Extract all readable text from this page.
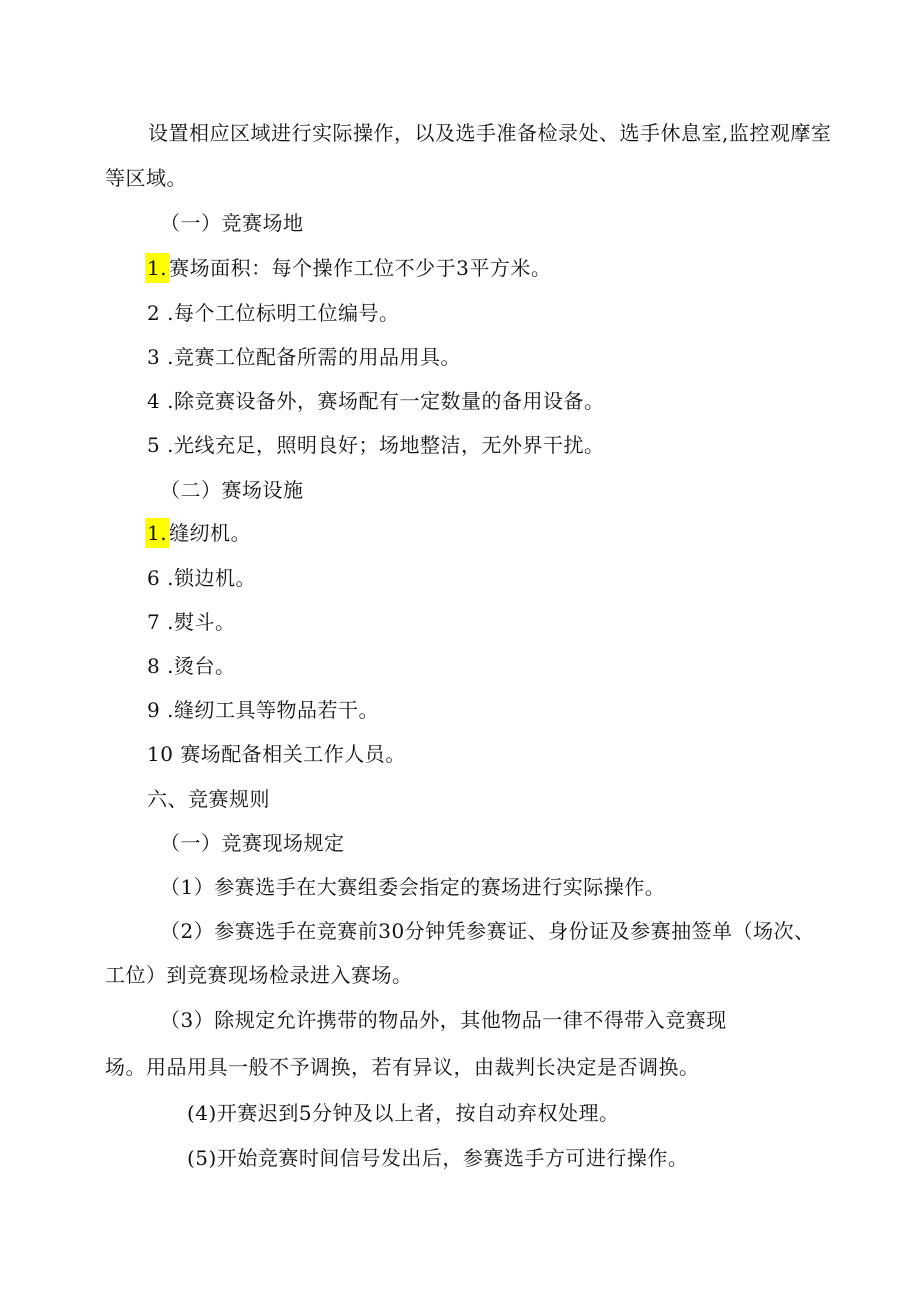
设置相应区域进行实际操作，以及选手准备检录处、选手休息室,监控观摩室
等区域。
（一）竞赛场地
1. 赛场面积：每个操作工位不少于3平方米。
2 .每个工位标明工位编号。
3 .竞赛工位配备所需的用品用具。
4 .除竞赛设备外，赛场配有一定数量的备用设备。
5 .光线充足，照明良好；场地整洁，无外界干扰。
（二）赛场设施
1. 缝纫机。
6 .锁边机。
7 .熨斗。
8 .烫台。
9 .缝纫工具等物品若干。
10 赛场配备相关工作人员。
六、竞赛规则
（一）竞赛现场规定
（1）参赛选手在大赛组委会指定的赛场进行实际操作。
（2）参赛选手在竞赛前30分钟凭参赛证、身份证及参赛抽签单（场次、
工位）到竞赛现场检录进入赛场。
（3）除规定允许携带的物品外，其他物品一律不得带入竞赛现
场。用品用具一般不予调换，若有异议，由裁判长决定是否调换。
(4)开赛迟到5分钟及以上者，按自动弃权处理。
(5)开始竞赛时间信号发出后，参赛选手方可进行操作。
